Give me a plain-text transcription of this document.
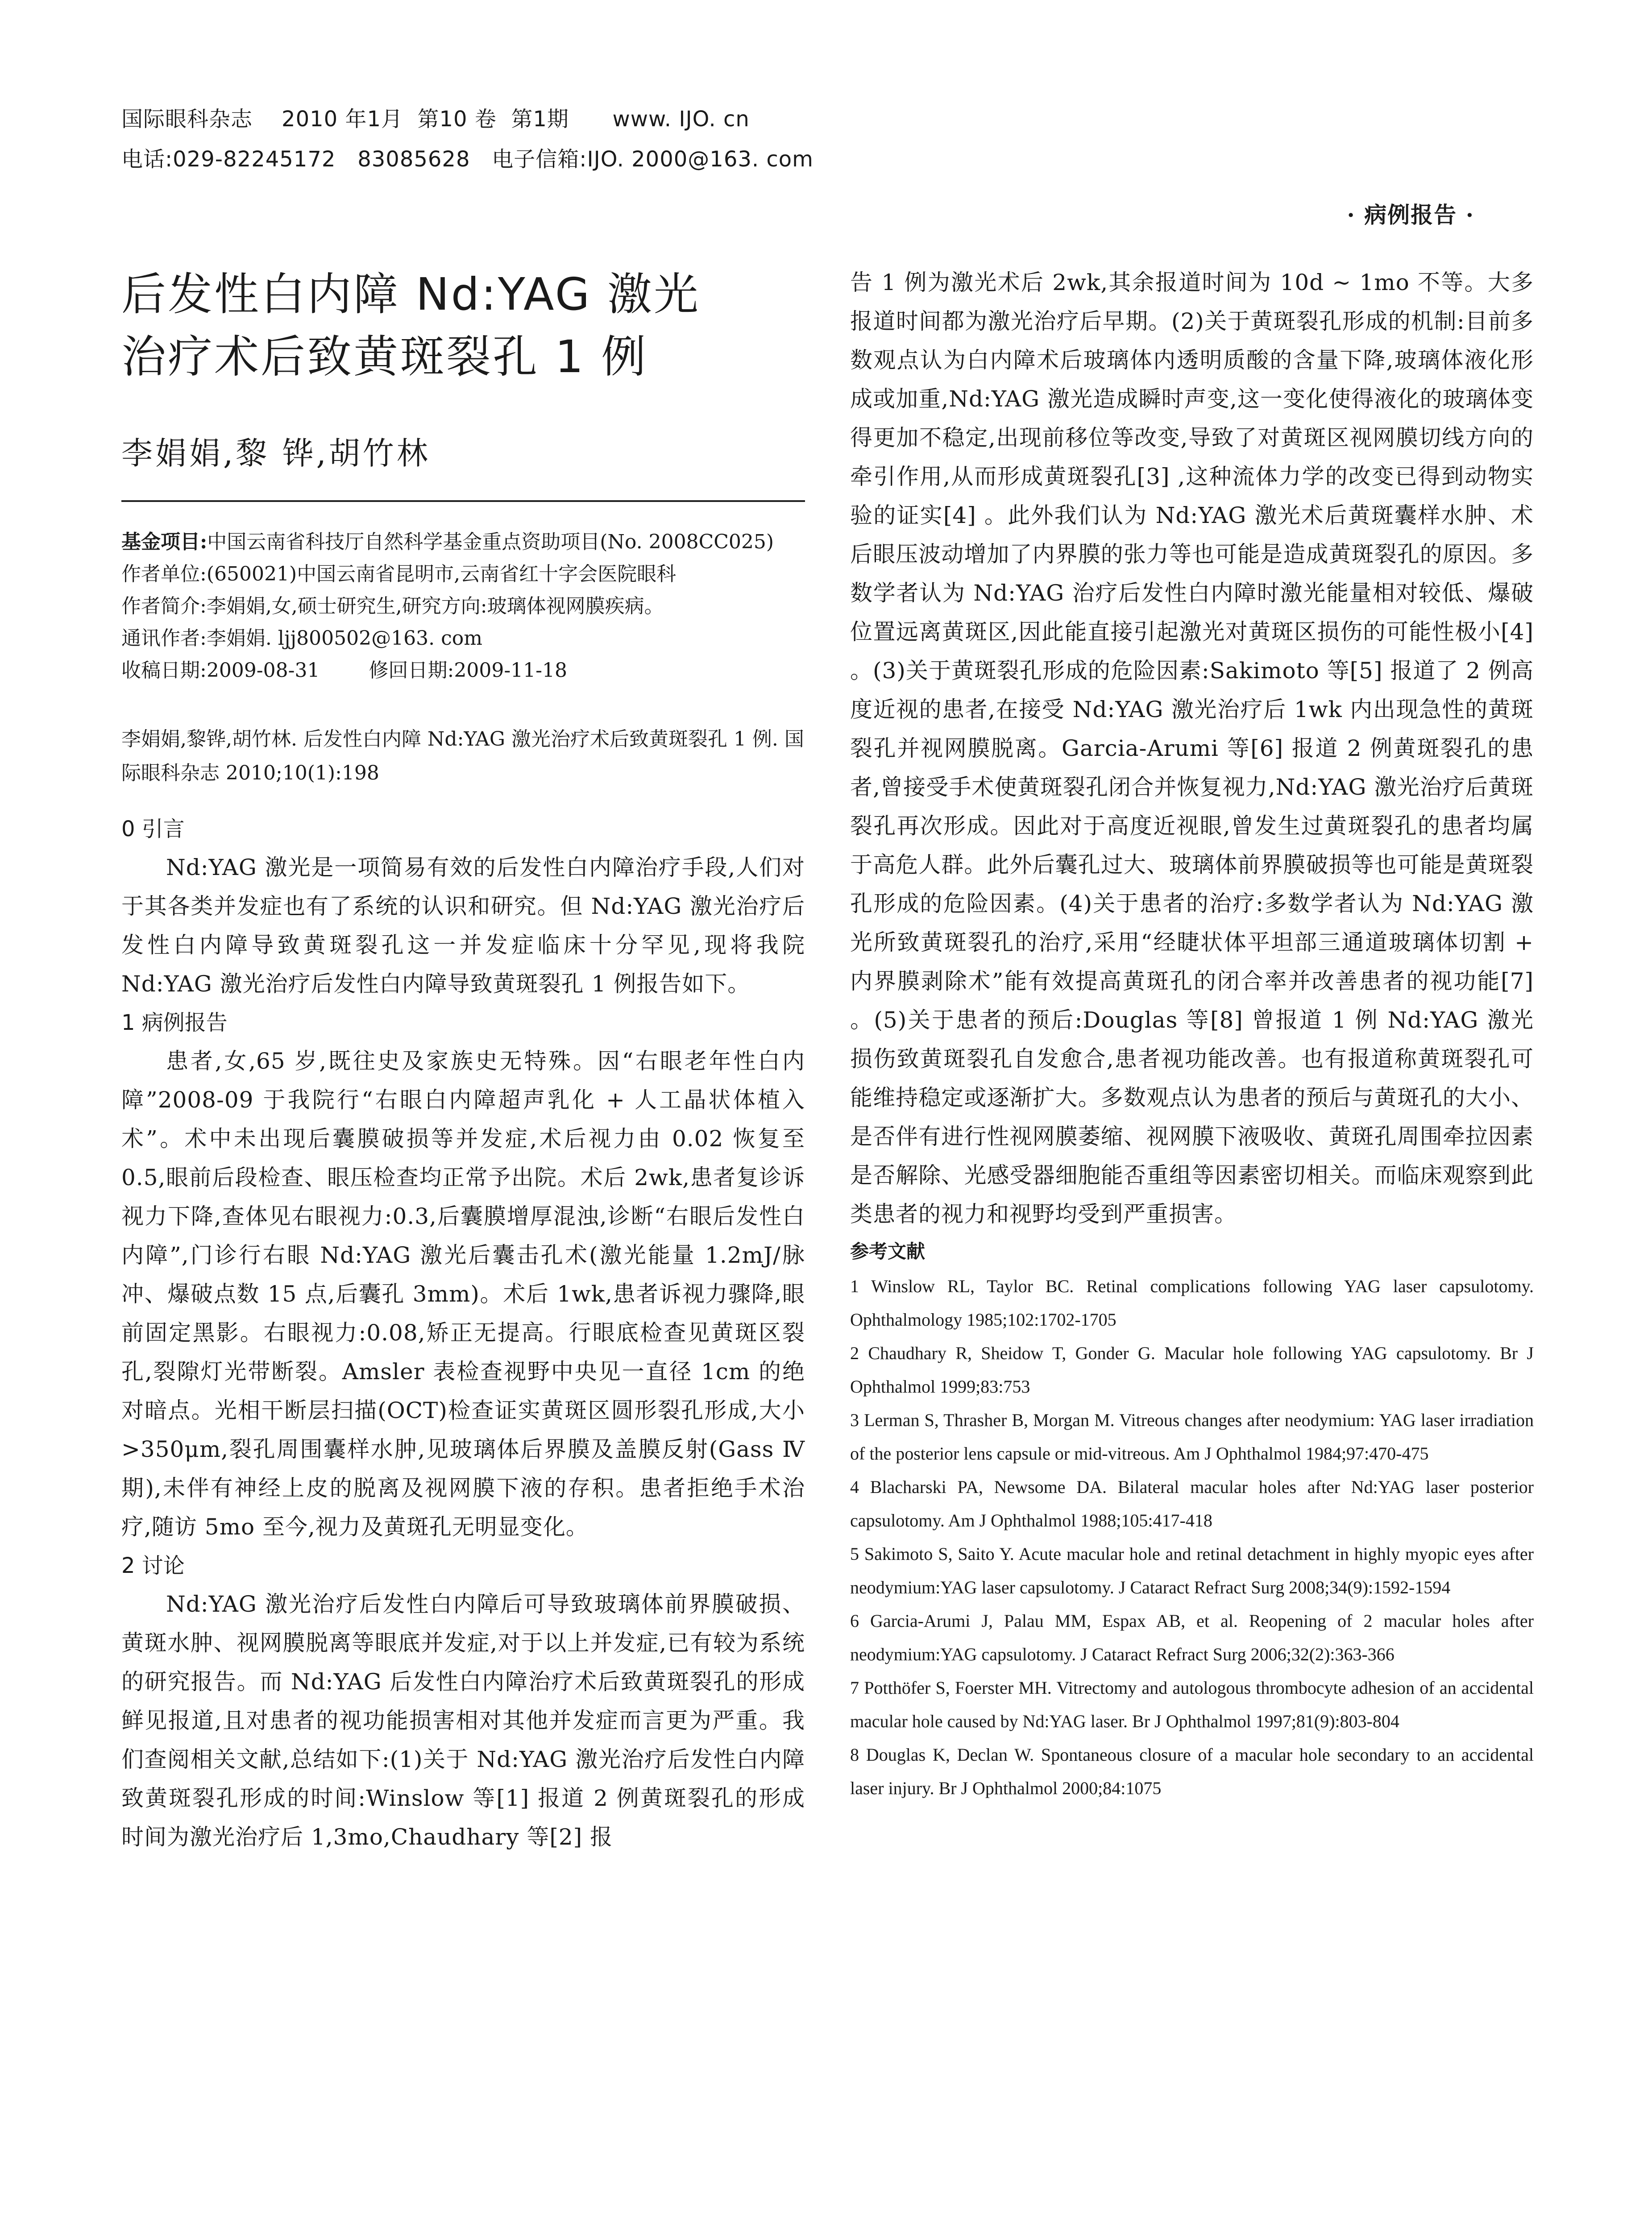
国际眼科杂志    2010 年1月  第10 卷  第1期      www. IJO. cn
电话:029-82245172   83085628   电子信箱:IJO. 2000@163. com
· 病例报告 ·
后发性白内障 Nd:YAG 激光
治疗术后致黄斑裂孔 1 例
李娟娟,黎 铧,胡竹林

基金项目:中国云南省科技厅自然科学基金重点资助项目(No. 2008CC025)

作者单位:(650021)中国云南省昆明市,云南省红十字会医院眼科

作者简介:李娟娟,女,硕士研究生,研究方向:玻璃体视网膜疾病。

通讯作者:李娟娟. ljj800502@163. com

收稿日期:2009-08-31	修回日期:2009-11-18

李娟娟,黎铧,胡竹林. 后发性白内障 Nd:YAG 激光治疗术后致黄斑裂孔 1 例. 国际眼科杂志 2010;10(1):198
0 引言

Nd:YAG 激光是一项简易有效的后发性白内障治疗手段,人们对于其各类并发症也有了系统的认识和研究。但 Nd:YAG 激光治疗后发性白内障导致黄斑裂孔这一并发症临床十分罕见,现将我院 Nd:YAG 激光治疗后发性白内障导致黄斑裂孔 1 例报告如下。

1 病例报告

患者,女,65 岁,既往史及家族史无特殊。因“右眼老年性白内障”2008-09 于我院行“右眼白内障超声乳化 + 人工晶状体植入术”。术中未出现后囊膜破损等并发症,术后视力由 0.02 恢复至 0.5,眼前后段检查、眼压检查均正常予出院。术后 2wk,患者复诊诉视力下降,查体见右眼视力:0.3,后囊膜增厚混浊,诊断“右眼后发性白内障”,门诊行右眼 Nd:YAG 激光后囊击孔术(激光能量 1.2mJ/脉冲、爆破点数 15 点,后囊孔 3mm)。术后 1wk,患者诉视力骤降,眼前固定黑影。右眼视力:0.08,矫正无提高。行眼底检查见黄斑区裂孔,裂隙灯光带断裂。Amsler 表检查视野中央见一直径 1cm 的绝对暗点。光相干断层扫描(OCT)检查证实黄斑区圆形裂孔形成,大小 >350μm,裂孔周围囊样水肿,见玻璃体后界膜及盖膜反射(Gass Ⅳ期),未伴有神经上皮的脱离及视网膜下液的存积。患者拒绝手术治疗,随访 5mo 至今,视力及黄斑孔无明显变化。

2 讨论

Nd:YAG 激光治疗后发性白内障后可导致玻璃体前界膜破损、黄斑水肿、视网膜脱离等眼底并发症,对于以上并发症,已有较为系统的研究报告。而 Nd:YAG 后发性白内障治疗术后致黄斑裂孔的形成鲜见报道,且对患者的视功能损害相对其他并发症而言更为严重。我们查阅相关文献,总结如下:(1)关于 Nd:YAG 激光治疗后发性白内障致黄斑裂孔形成的时间:Winslow 等[1] 报道 2 例黄斑裂孔的形成时间为激光治疗后 1,3mo,Chaudhary 等[2] 报

告 1 例为激光术后 2wk,其余报道时间为 10d ~ 1mo 不等。大多报道时间都为激光治疗后早期。(2)关于黄斑裂孔形成的机制:目前多数观点认为白内障术后玻璃体内透明质酸的含量下降,玻璃体液化形成或加重,Nd:YAG 激光造成瞬时声变,这一变化使得液化的玻璃体变得更加不稳定,出现前移位等改变,导致了对黄斑区视网膜切线方向的牵引作用,从而形成黄斑裂孔[3] ,这种流体力学的改变已得到动物实验的证实[4] 。此外我们认为 Nd:YAG 激光术后黄斑囊样水肿、术后眼压波动增加了内界膜的张力等也可能是造成黄斑裂孔的原因。多数学者认为 Nd:YAG 治疗后发性白内障时激光能量相对较低、爆破位置远离黄斑区,因此能直接引起激光对黄斑区损伤的可能性极小[4] 。(3)关于黄斑裂孔形成的危险因素:Sakimoto 等[5] 报道了 2 例高度近视的患者,在接受 Nd:YAG 激光治疗后 1wk 内出现急性的黄斑裂孔并视网膜脱离。Garcia-Arumi 等[6] 报道 2 例黄斑裂孔的患者,曾接受手术使黄斑裂孔闭合并恢复视力,Nd:YAG 激光治疗后黄斑裂孔再次形成。因此对于高度近视眼,曾发生过黄斑裂孔的患者均属于高危人群。此外后囊孔过大、玻璃体前界膜破损等也可能是黄斑裂孔形成的危险因素。(4)关于患者的治疗:多数学者认为 Nd:YAG 激光所致黄斑裂孔的治疗,采用“经睫状体平坦部三通道玻璃体切割 + 内界膜剥除术”能有效提高黄斑孔的闭合率并改善患者的视功能[7] 。(5)关于患者的预后:Douglas 等[8] 曾报道 1 例 Nd:YAG 激光损伤致黄斑裂孔自发愈合,患者视功能改善。也有报道称黄斑裂孔可能维持稳定或逐渐扩大。多数观点认为患者的预后与黄斑孔的大小、是否伴有进行性视网膜萎缩、视网膜下液吸收、黄斑孔周围牵拉因素是否解除、光感受器细胞能否重组等因素密切相关。而临床观察到此类患者的视力和视野均受到严重损害。

参考文献
1 Winslow RL, Taylor BC. Retinal complications following YAG laser capsulotomy. Ophthalmology 1985;102:1702-1705
2 Chaudhary R, Sheidow T, Gonder G. Macular hole following YAG capsulotomy. Br J Ophthalmol 1999;83:753
3 Lerman S, Thrasher B, Morgan M. Vitreous changes after neodymium: YAG laser irradiation of the posterior lens capsule or mid-vitreous. Am J Ophthalmol 1984;97:470-475
4 Blacharski PA, Newsome DA. Bilateral macular holes after Nd:YAG laser posterior capsulotomy. Am J Ophthalmol 1988;105:417-418
5 Sakimoto S, Saito Y. Acute macular hole and retinal detachment in highly myopic eyes after neodymium:YAG laser capsulotomy. J Cataract Refract Surg 2008;34(9):1592-1594
6 Garcia-Arumi J, Palau MM, Espax AB, et al. Reopening of 2 macular holes after neodymium:YAG capsulotomy. J Cataract Refract Surg 2006;32(2):363-366
7 Potthöfer S, Foerster MH. Vitrectomy and autologous thrombocyte adhesion of an accidental macular hole caused by Nd:YAG laser. Br J Ophthalmol 1997;81(9):803-804
8 Douglas K, Declan W. Spontaneous closure of a macular hole secondary to an accidental laser injury. Br J Ophthalmol 2000;84:1075
